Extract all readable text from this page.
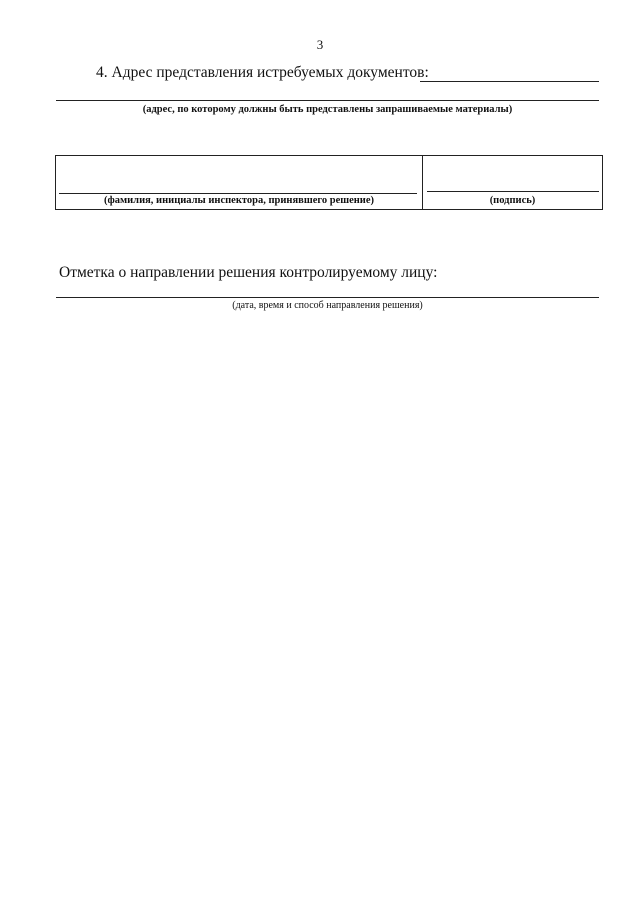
3
4. Адрес представления истребуемых документов:
(адрес, по которому должны быть представлены запрашиваемые материалы)
(фамилия, инициалы инспектора, принявшего решение)	(подпись)
Отметка о направлении решения контролируемому лицу:
(дата, время и способ направления решения)
